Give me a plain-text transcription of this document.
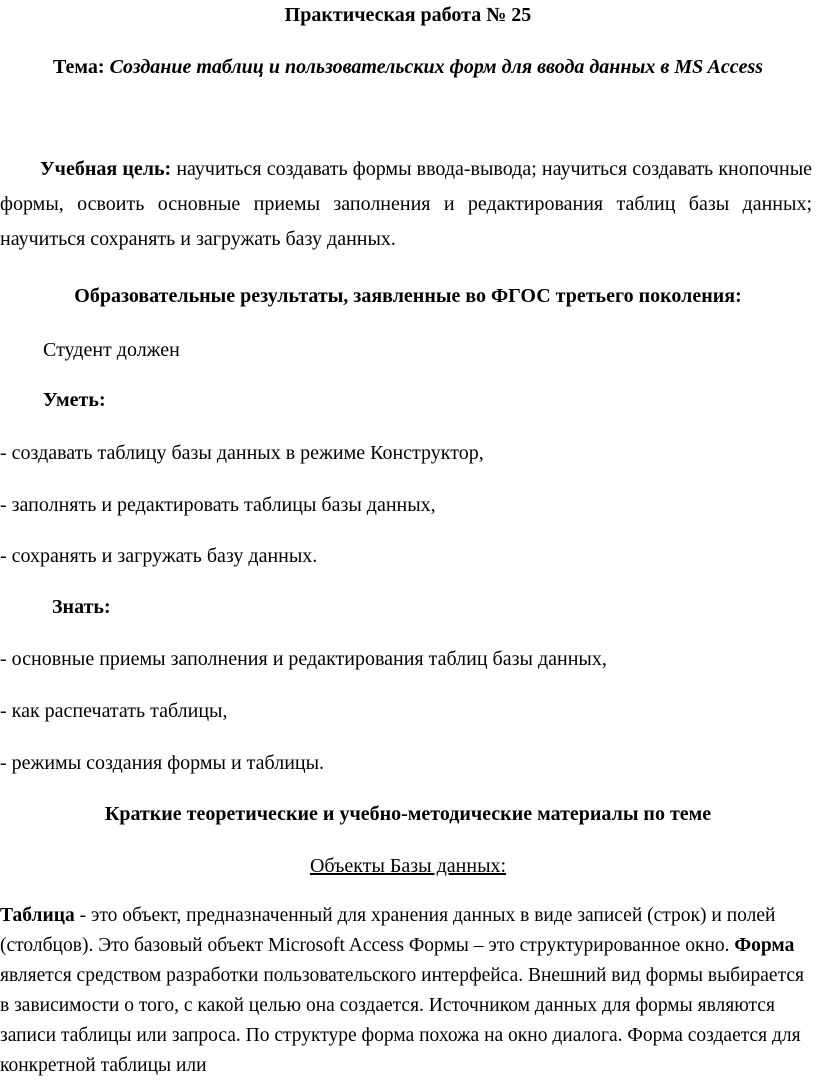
Практическая работа № 25
Тема: Создание таблиц и пользовательских форм для ввода данных в MS Access
Учебная цель: научиться создавать формы ввода-вывода; научиться создавать кнопочные формы, освоить основные приемы заполнения и редактирования таблиц базы данных; научиться сохранять и загружать базу данных.
Образовательные результаты, заявленные во ФГОС третьего поколения:
Студент должен
Уметь:
- создавать таблицу базы данных в режиме Конструктор,
- заполнять и редактировать таблицы базы данных,
- сохранять и загружать базу данных.
Знать:
- основные приемы заполнения и редактирования таблиц базы данных,
- как распечатать таблицы,
- режимы создания формы и таблицы.
Краткие теоретические и учебно-методические материалы по теме
Объекты Базы данных:
Таблица - это объект, предназначенный для хранения данных в виде записей (строк) и полей (столбцов). Это базовый объект Microsoft Access Формы – это структурированное окно. Форма является средством разработки пользовательского интерфейса. Внешний вид формы выбирается в зависимости о того, с какой целью она создается. Источником данных для формы являются записи таблицы или запроса. По структуре форма похожа на окно диалога. Форма создается для конкретной таблицы или
